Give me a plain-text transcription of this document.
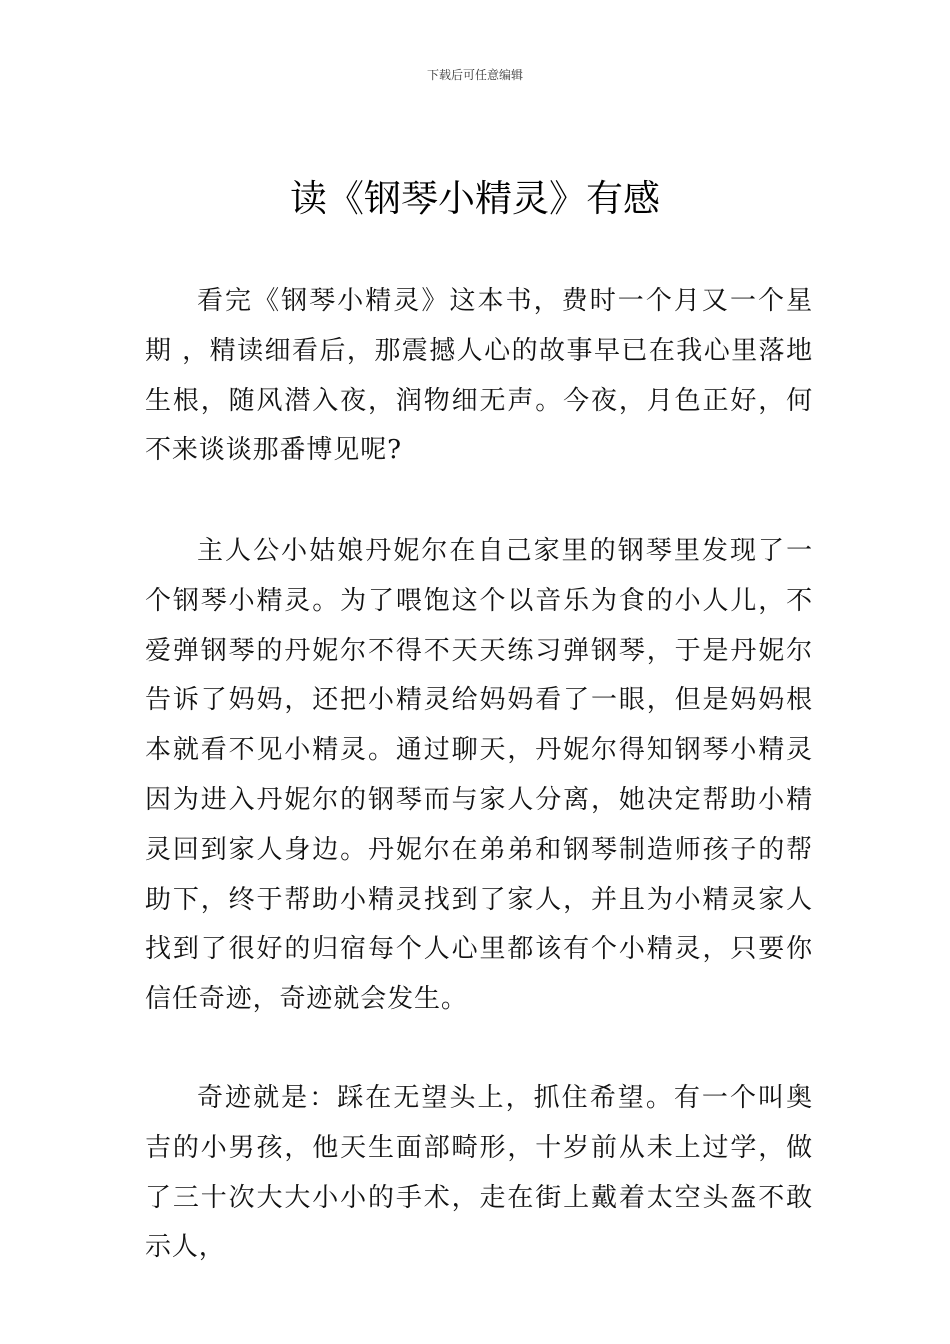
下载后可任意编辑
读《钢琴小精灵》有感

看完《钢琴小精灵》这本书，费时一个月又一个星期 ，精读细看后，那震撼人心的故事早已在我心里落地生根，随风潜入夜，润物细无声。今夜，月色正好，何不来谈谈那番博见呢?

主人公小姑娘丹妮尔在自己家里的钢琴里发现了一个钢琴小精灵。为了喂饱这个以音乐为食的小人儿，不爱弹钢琴的丹妮尔不得不天天练习弹钢琴，于是丹妮尔告诉了妈妈，还把小精灵给妈妈看了一眼，但是妈妈根本就看不见小精灵。通过聊天，丹妮尔得知钢琴小精灵因为进入丹妮尔的钢琴而与家人分离，她决定帮助小精灵回到家人身边。丹妮尔在弟弟和钢琴制造师孩子的帮助下，终于帮助小精灵找到了家人，并且为小精灵家人找到了很好的归宿每个人心里都该有个小精灵，只要你信任奇迹，奇迹就会发生。

奇迹就是：踩在无望头上，抓住希望。有一个叫奥吉的小男孩，他天生面部畸形，十岁前从未上过学，做了三十次大大小小的手术，走在街上戴着太空头盔不敢示人，
